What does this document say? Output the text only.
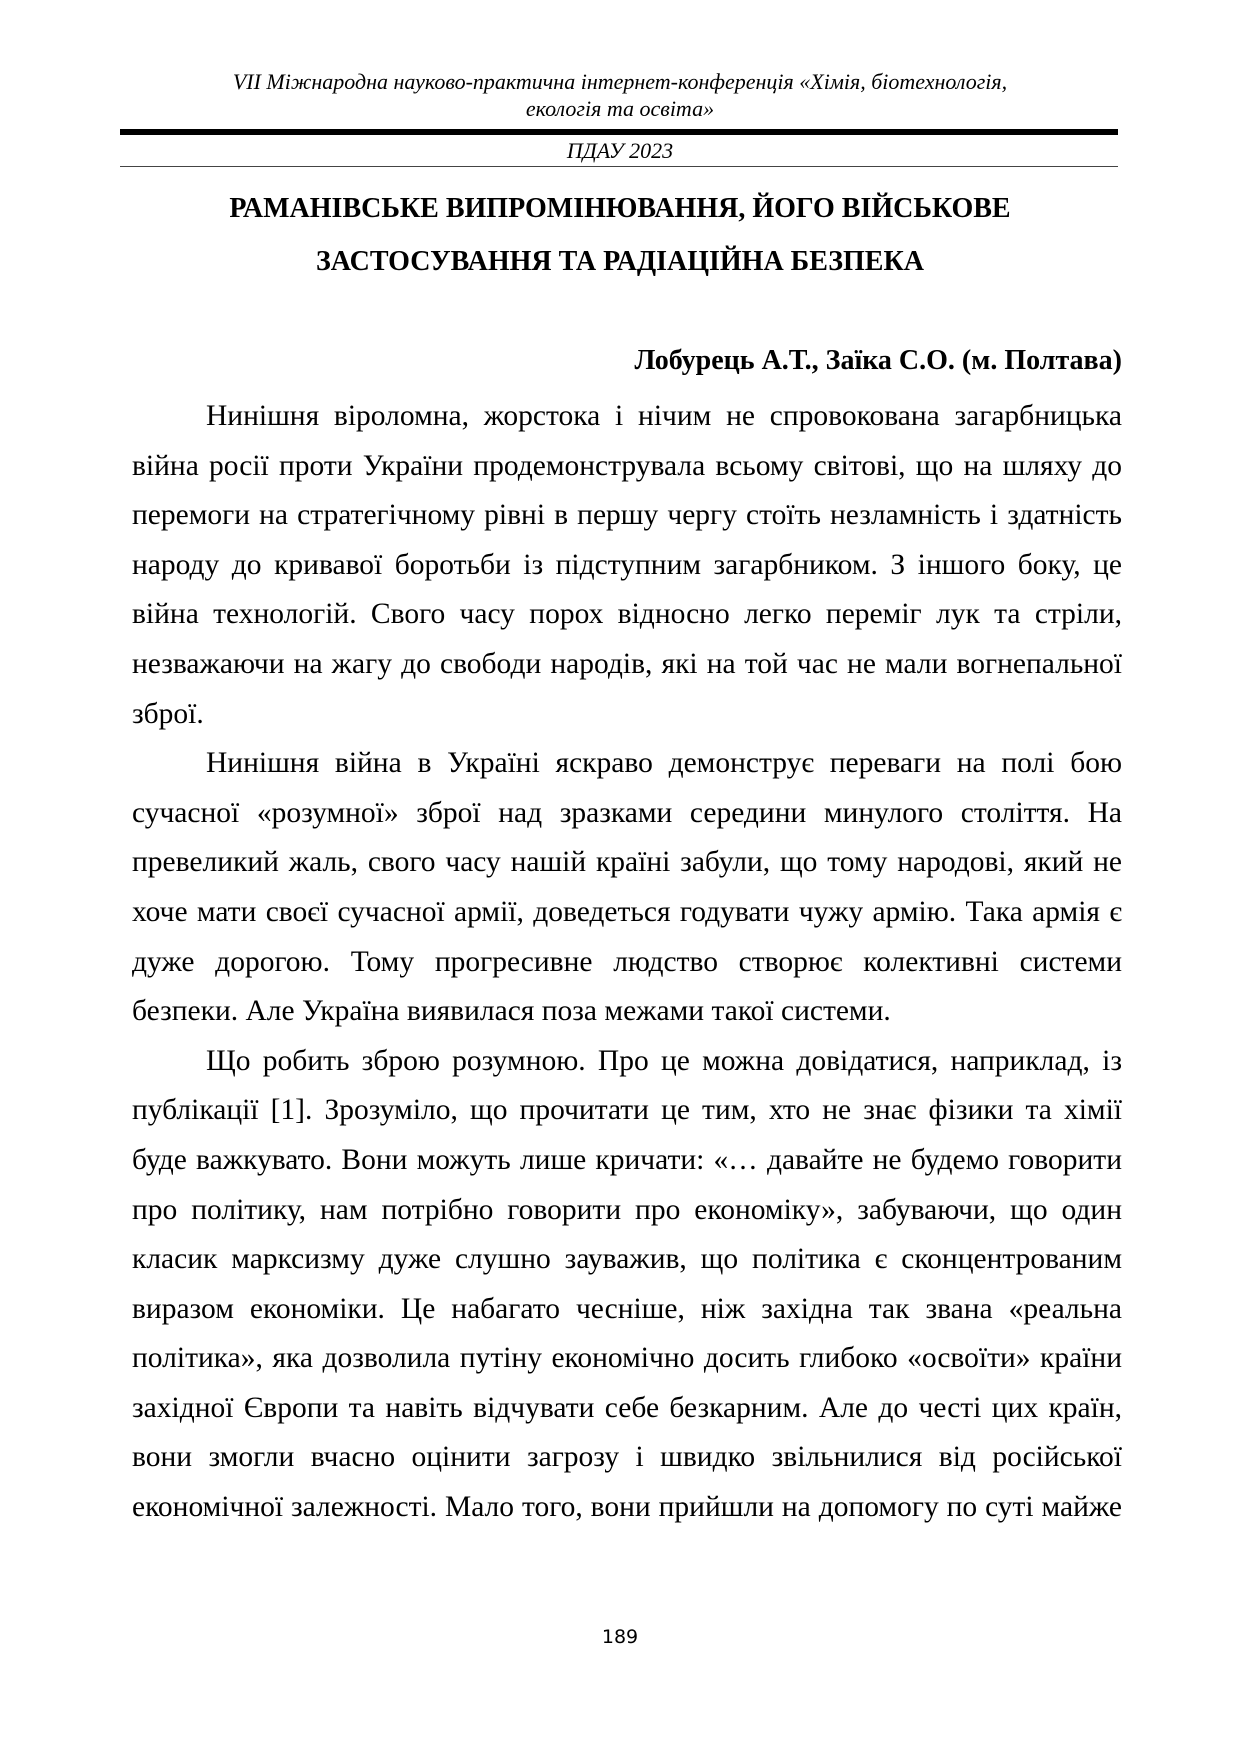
VII Міжнародна науково-практична інтернет-конференція «Хімія, біотехнологія,
екологія та освіта»
ПДАУ 2023
РАМАНІВСЬКЕ ВИПРОМІНЮВАННЯ, ЙОГО ВІЙСЬКОВЕ
ЗАСТОСУВАННЯ ТА РАДІАЦІЙНА БЕЗПЕКА
Лобурець А.Т., Заїка С.О. (м. Полтава)
Нинішня віроломна, жорстока і нічим не спровокована загарбницька
війна росії проти України продемонструвала всьому світові, що на шляху до
перемоги на стратегічному рівні в першу чергу стоїть незламність і здатність
народу до кривавої боротьби із підступним загарбником. З іншого боку, це
війна технологій. Свого часу порох відносно легко переміг лук та стріли,
незважаючи на жагу до свободи народів, які на той час не мали вогнепальної
зброї.
Нинішня війна в Україні яскраво демонструє переваги на полі бою
сучасної «розумної» зброї над зразками середини минулого століття. На
превеликий жаль, свого часу нашій країні забули, що тому народові, який не
хоче мати своєї сучасної армії, доведеться годувати чужу армію. Така армія є
дуже дорогою. Тому прогресивне людство створює колективні системи
безпеки. Але Україна виявилася поза межами такої системи.
Що робить зброю розумною. Про це можна довідатися, наприклад, із
публікації [1]. Зрозуміло, що прочитати це тим, хто не знає фізики та хімії
буде важкувато. Вони можуть лише кричати: «… давайте не будемо говорити
про політику, нам потрібно говорити про економіку», забуваючи, що один
класик марксизму дуже слушно зауважив, що політика є сконцентрованим
виразом економіки. Це набагато чесніше, ніж західна так звана «реальна
політика», яка дозволила путіну економічно досить глибоко «освоїти» країни
західної Європи та навіть відчувати себе безкарним. Але до честі цих країн,
вони змогли вчасно оцінити загрозу і швидко звільнилися від російської
економічної залежності. Мало того, вони прийшли на допомогу по суті майже
189
